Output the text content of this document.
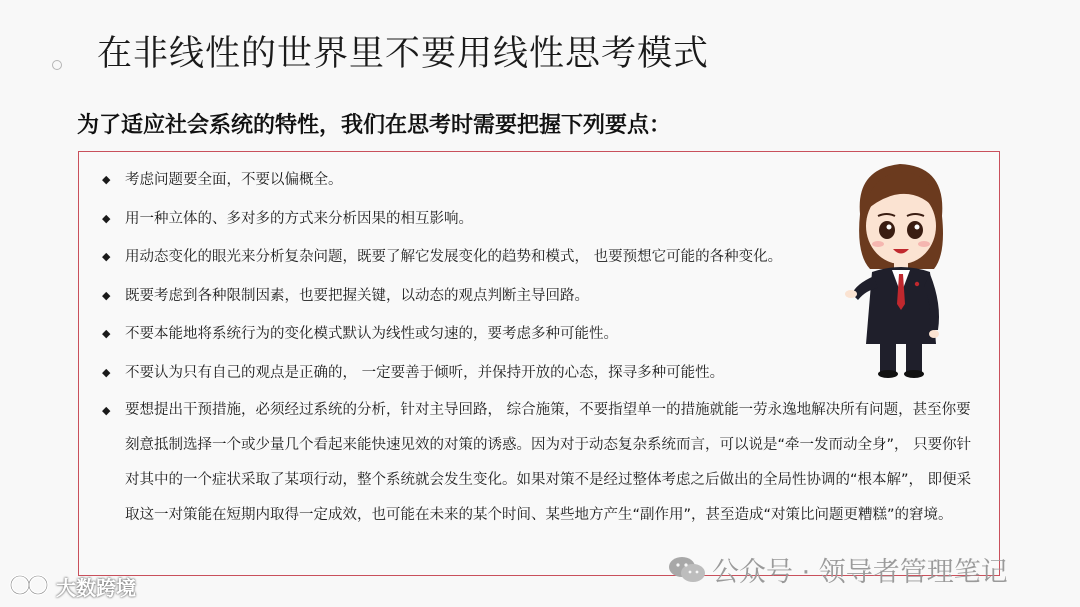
在非线性的世界里不要用线性思考模式
为了适应社会系统的特性，我们在思考时需要把握下列要点：
◆ 考虑问题要全面，不要以偏概全。
◆ 用一种立体的、多对多的方式来分析因果的相互影响。
◆ 用动态变化的眼光来分析复杂问题，既要了解它发展变化的趋势和模式， 也要预想它可能的各种变化。
◆ 既要考虑到各种限制因素，也要把握关键，以动态的观点判断主导回路。
◆ 不要本能地将系统行为的变化模式默认为线性或匀速的，要考虑多种可能性。
◆ 不要认为只有自己的观点是正确的， 一定要善于倾听，并保持开放的心态，探寻多种可能性。
◆ 要想提出干预措施，必须经过系统的分析，针对主导回路， 综合施策，不要指望单一的措施就能一劳永逸地解决所有问题，甚至你要刻意抵制选择一个或少量几个看起来能快速见效的对策的诱惑。因为对于动态复杂系统而言，可以说是“牵一发而动全身”， 只要你针对其中的一个症状采取了某项行动，整个系统就会发生变化。如果对策不是经过整体考虑之后做出的全局性协调的“根本解”， 即便采取这一对策能在短期内取得一定成效，也可能在未来的某个时间、某些地方产生“副作用”，甚至造成“对策比问题更糟糕”的窘境。
公众号 · 领导者管理笔记
大数跨境
